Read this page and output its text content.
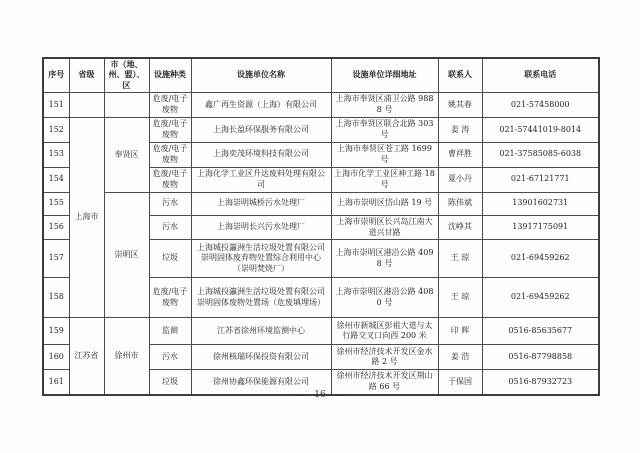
序号	省级	市（地、州、盟）、区	设施种类	设施单位名称	设施单位详细地址	联系人	联系电话
151			危废/电子废物	鑫广再生资源（上海）有限公司	上海市奉贤区浦卫公路 9888 号	姚其春	021-57458000
152	上海市	奉贤区	危废/电子废物	上海长盈环保服务有限公司	上海市奉贤区联合北路 303 号	姜 涛	021-57441019-8014
153			危废/电子废物	上海奕茂环境科技有限公司	上海市奉贤区苍工路 1699 号	曹祥胜	021-37585085-6038
154			危废/电子废物	上海化学工业区升达废料处理有限公司	上海市化学工业区神工路 18 号	夏小丹	021-67121771
155		崇明区	污水	上海崇明城桥污水处理厂	上海市崇明区岱山路 19 号	陈伟斌	13901602731
156			污水	上海崇明长兴污水处理厂	上海市崇明区长兴岛江南大道兴甘路	沈峥其	13917175091
157			垃圾	上海城投瀛洲生活垃圾处置有限公司崇明固体废弃物处置综合利用中心（崇明焚烧厂）	上海市崇明区港沿公路 4098 号	王 琼	021-69459262
158			危废/电子废物	上海城投瀛洲生活垃圾处置有限公司崇明固体废物处置场（危废填埋场）	上海市崇明区港沿公路 4080 号	王 琼	021-69459262
159	江苏省	徐州市	监测	江苏省徐州环境监测中心	徐州市新城区彭祖大道与太行路交叉口向西 200 米	印 辉	0516-85635677
160			污水	徐州核瑞环保投资有限公司	徐州市经济技术开发区金水路 2 号	姜 浩	0516-87798858
161			垃圾	徐州协鑫环保能源有限公司	徐州市经济技术开发区荆山路 66 号	于保国	0516-87932723
— 16 —
